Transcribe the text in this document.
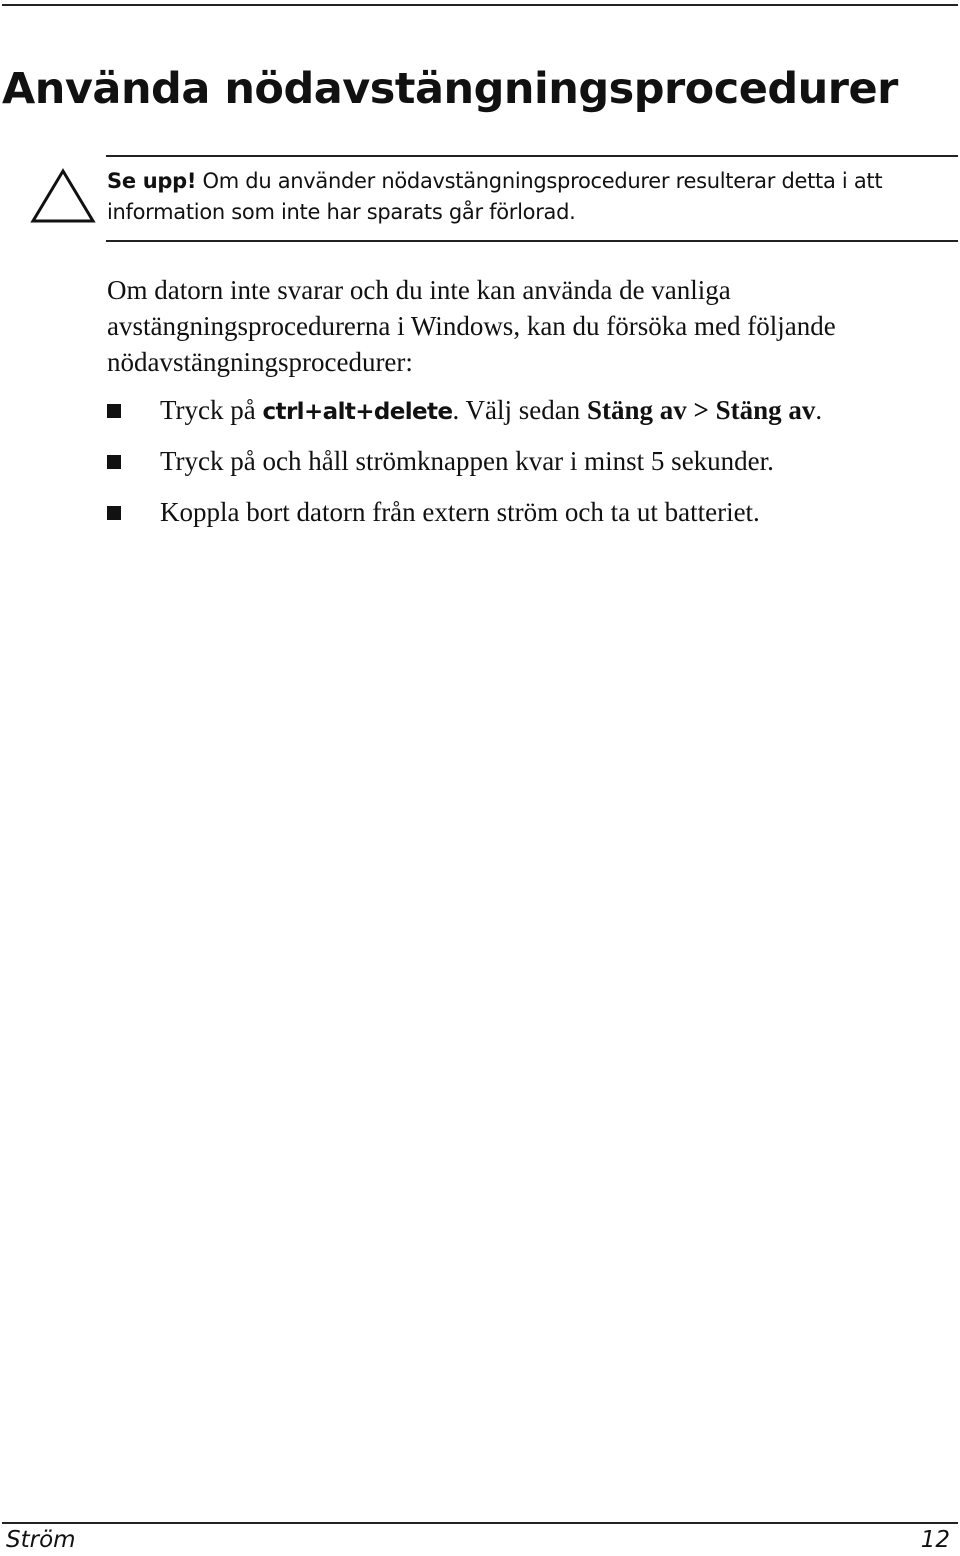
Använda nödavstängningsprocedurer
Se upp! Om du använder nödavstängningsprocedurer resulterar detta i att information som inte har sparats går förlorad.

Om datorn inte svarar och du inte kan använda de vanliga avstängningsprocedurerna i Windows, kan du försöka med följande nödavstängningsprocedurer:

Tryck på ctrl+alt+delete. Välj sedan Stäng av > Stäng av.
Tryck på och håll strömknappen kvar i minst 5 sekunder.
Koppla bort datorn från extern ström och ta ut batteriet.
Ström	12
